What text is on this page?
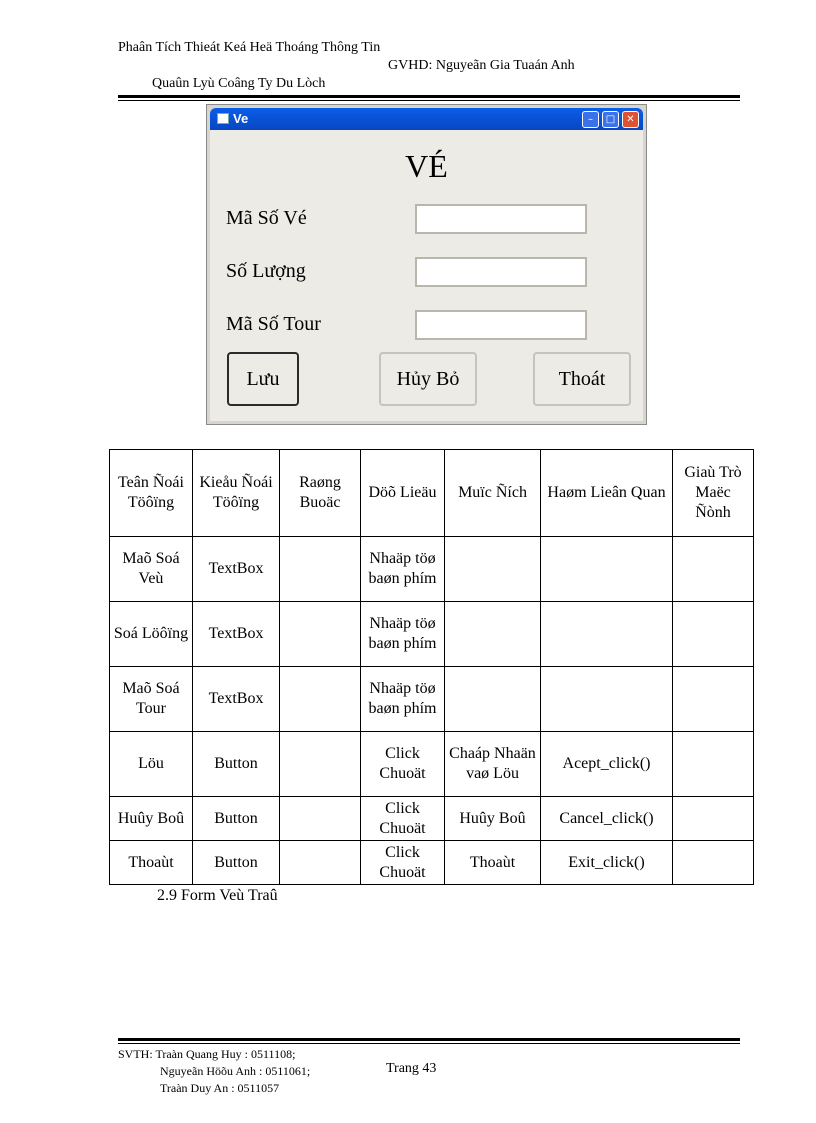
Phaân Tích Thieát Keá Heä Thoáng Thông Tin
GVHD: Nguyeãn Gia Tuaán Anh
Quaûn Lyù Coâng Ty Du Lòch
Ve	–	□	✕
VÉ
Mã Số Vé
Số Lượng
Mã Số Tour
Lưu	Hủy Bỏ	Thoát
Teân Ñoái Töôïng	Kieåu Ñoái Töôïng	Raøng Buoäc	Döõ Lieäu	Muïc Ñích	Haøm Lieân Quan	Giaù Trò Maëc Ñònh
Maõ Soá Veù	TextBox		Nhaäp töø baøn phím			
Soá Löôïng	TextBox		Nhaäp töø baøn phím			
Maõ Soá Tour	TextBox		Nhaäp töø baøn phím			
Löu	Button		Click Chuoät	Chaáp Nhaän vaø Löu	Acept_click()	
Huûy Boû	Button		Click Chuoät	Huûy Boû	Cancel_click()	
Thoaùt	Button		Click Chuoät	Thoaùt	Exit_click()	
2.9 Form Veù Traû
SVTH: Traàn Quang Huy : 0511108;
Nguyeãn Höõu Anh : 0511061;
Traàn Duy An : 0511057
Trang 43
